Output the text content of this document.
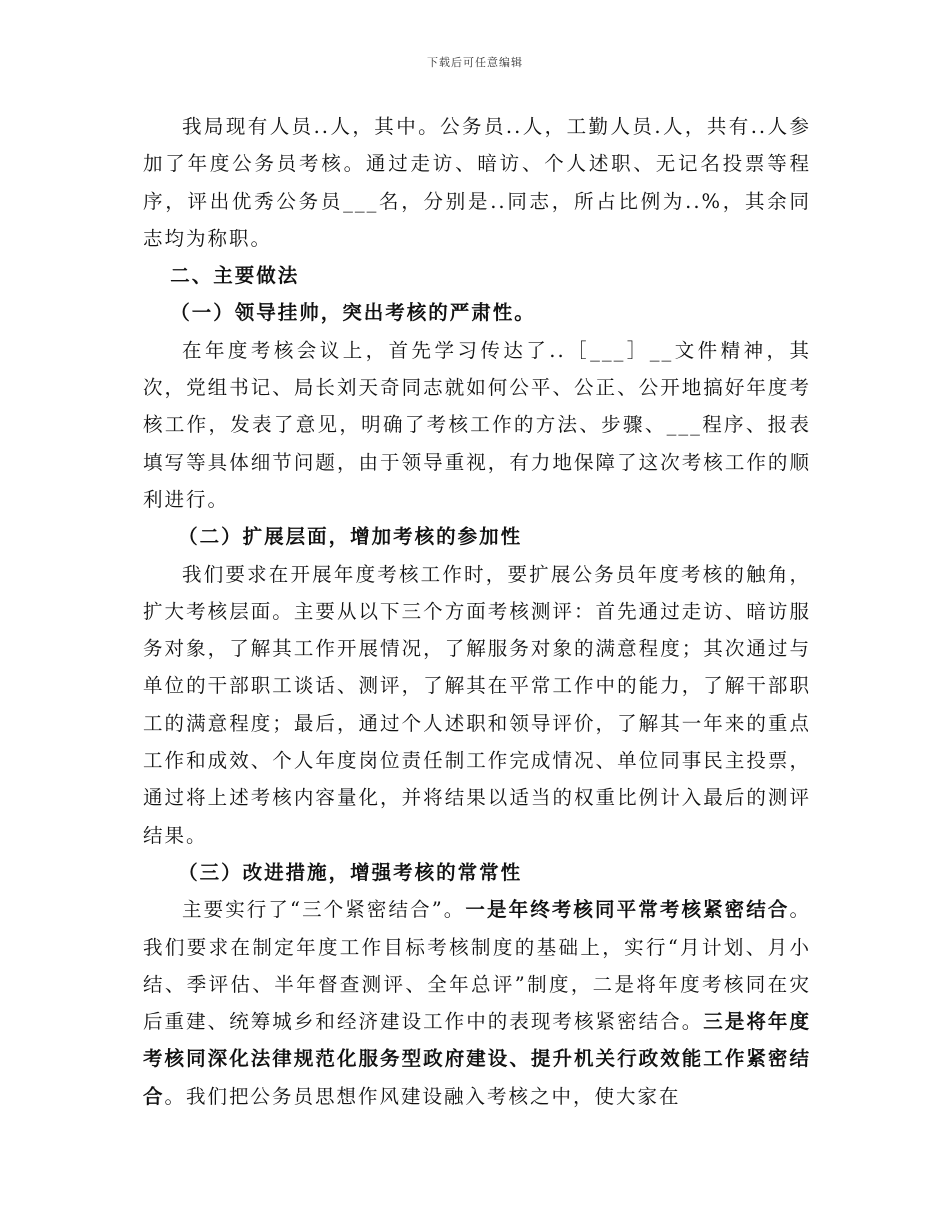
下载后可任意编辑

我局现有人员..人，其中。公务员..人，工勤人员.人，共有..人参加了年度公务员考核。通过走访、暗访、个人述职、无记名投票等程序，评出优秀公务员___名，分别是..同志，所占比例为..%，其余同志均为称职。

二、主要做法

（一）领导挂帅，突出考核的严肃性。

在年度考核会议上，首先学习传达了..［___］__文件精神，其次，党组书记、局长刘天奇同志就如何公平、公正、公开地搞好年度考核工作，发表了意见，明确了考核工作的方法、步骤、___程序、报表填写等具体细节问题，由于领导重视，有力地保障了这次考核工作的顺利进行。

（二）扩展层面，增加考核的参加性

我们要求在开展年度考核工作时，要扩展公务员年度考核的触角，扩大考核层面。主要从以下三个方面考核测评：首先通过走访、暗访服务对象，了解其工作开展情况，了解服务对象的满意程度；其次通过与单位的干部职工谈话、测评，了解其在平常工作中的能力，了解干部职工的满意程度；最后，通过个人述职和领导评价，了解其一年来的重点工作和成效、个人年度岗位责任制工作完成情况、单位同事民主投票，通过将上述考核内容量化，并将结果以适当的权重比例计入最后的测评结果。

（三）改进措施，增强考核的常常性

主要实行了“三个紧密结合”。一是年终考核同平常考核紧密结合。我们要求在制定年度工作目标考核制度的基础上，实行“月计划、月小结、季评估、半年督查测评、全年总评”制度，二是将年度考核同在灾后重建、统筹城乡和经济建设工作中的表现考核紧密结合。三是将年度考核同深化法律规范化服务型政府建设、提升机关行政效能工作紧密结合。我们把公务员思想作风建设融入考核之中，使大家在
